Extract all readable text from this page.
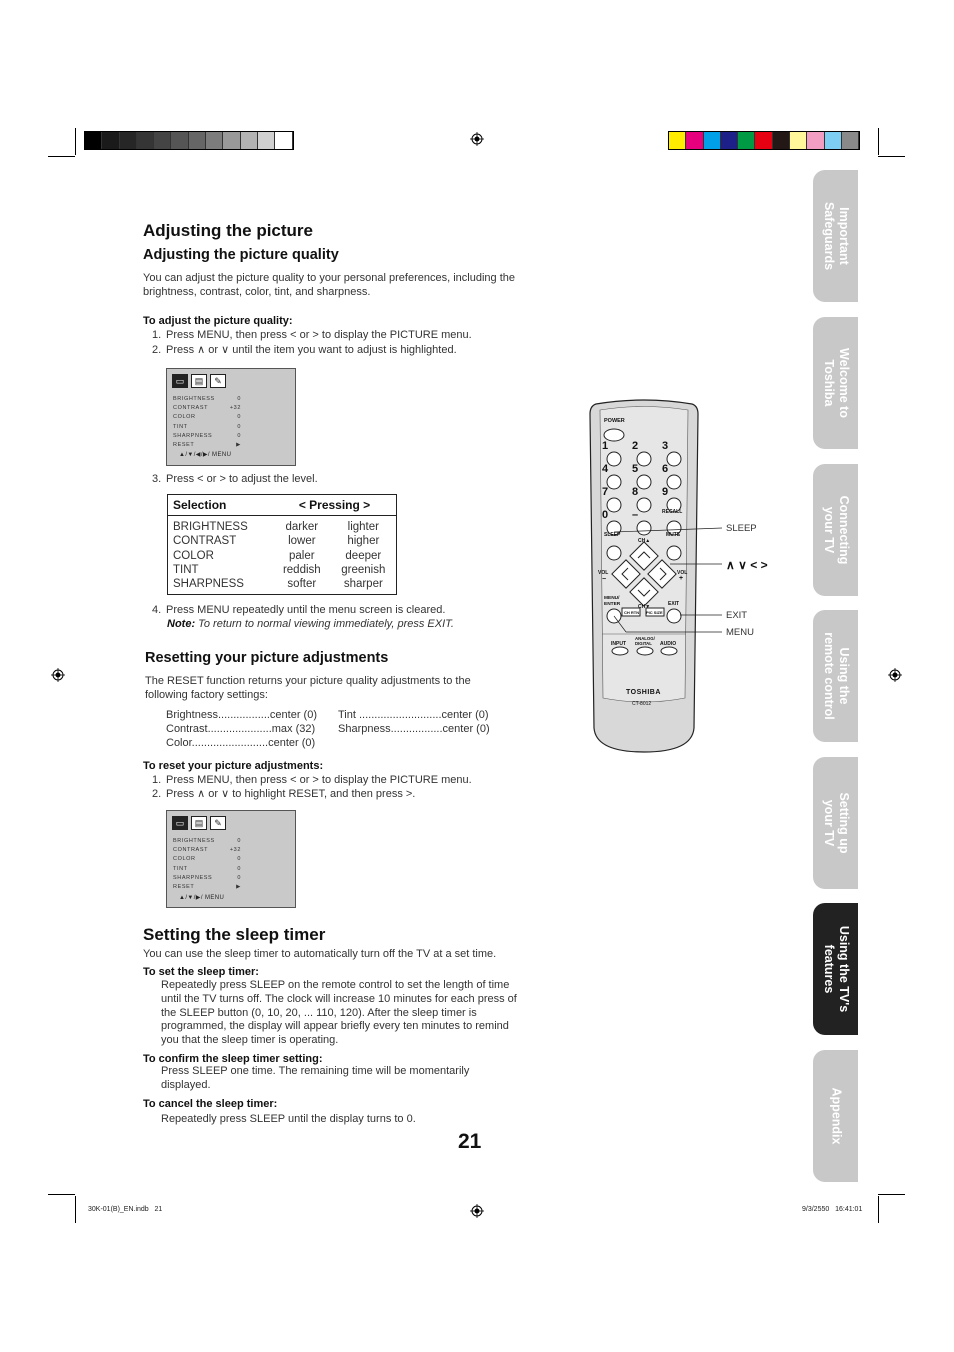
Adjusting the picture
Adjusting the picture quality
You can adjust the picture quality to your personal preferences, including the brightness, contrast, color, tint, and sharpness.
To adjust the picture quality:
1. Press MENU, then press < or > to display the PICTURE menu.
2. Press ∧ or ∨ until the item you want to adjust is highlighted.
▭	▤	✎
BRIGHTNESS	0
CONTRAST	+32
COLOR	0
TINT	0
SHARPNESS	0
RESET	▶
▲/▼/◀/▶/ MENU
3. Press < or > to adjust the level.
Selection	< Pressing >	

BRIGHTNESS	darker	lighter
CONTRAST	lower	higher
COLOR	paler	deeper
TINT	reddish	greenish
SHARPNESS	softer	sharper
4. Press MENU repeatedly until the menu screen is cleared.
Note: To return to normal viewing immediately, press EXIT.
Resetting your picture adjustments
The RESET function returns your picture quality adjustments to the following factory settings:
Brightness.................center (0)
Contrast.....................max (32)
Color.........................center (0)
Tint ...........................center (0)
Sharpness.................center (0)
To reset your picture adjustments:
1. Press MENU, then press < or > to display the PICTURE menu.
2. Press ∧ or ∨ to highlight RESET, and then press >.
▭	▤	✎
BRIGHTNESS	0
CONTRAST	+32
COLOR	0
TINT	0
SHARPNESS	0
RESET	▶
▲/▼/▶/ MENU
Setting the sleep timer
You can use the sleep timer to automatically turn off the TV at a set time.
To set the sleep timer:
Repeatedly press SLEEP on the remote control to set the length of time until the TV turns off. The clock will increase 10 minutes for each press of the SLEEP button (0, 10, 20, ... 110, 120). After the sleep timer is programmed, the display will appear briefly every ten minutes to remind you that the sleep timer is operating.
To confirm the sleep timer setting:
Press SLEEP one time. The remaining time will be momentarily displayed.
To cancel the sleep timer:
Repeatedly press SLEEP until the display turns to 0.
21
30K-01(B)_EN.indb   21	9/3/2550   16:41:01
POWER
RECALL
SLEEP	MUTE
CH▲
VOL
−
VOL
+
MENU/
ENTER	CH▼	EXIT
CH RTN PIC SIZE
INPUT
ANALOG/
DIGITAL	AUDIO
TOSHIBA
CT-8012
1 2 3
4 5 6
7 8 9
0 –
SLEEP
∧ ∨ < >
EXIT
MENU
Important
Safeguards
Welcome to
Toshiba
Connecting
your TV
Using the
remote control
Setting up
your TV
Using the TV's
features
Appendix
